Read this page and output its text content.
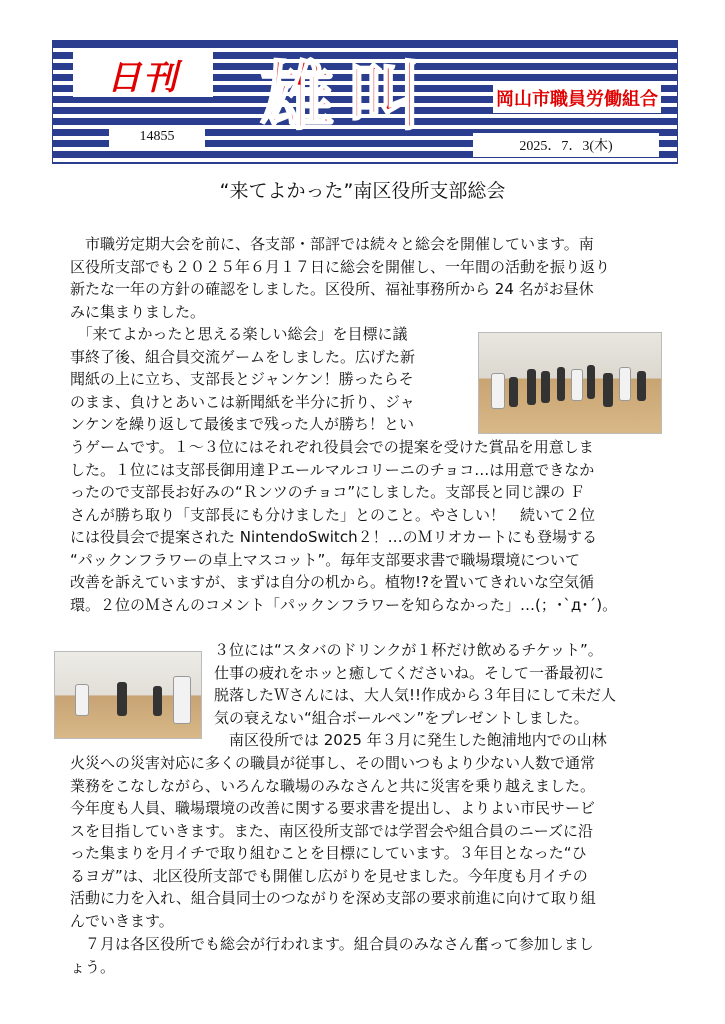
日刊 雄叫	岡山市職員労働組合
14855
2025．7．3(木)
“来てよかった”南区役所支部総会
　市職労定期大会を前に、各支部・部評では続々と総会を開催しています。南
区役所支部でも２０２５年６月１７日に総会を開催し、一年間の活動を振り返り
新たな一年の方針の確認をしました。区役所、福祉事務所から 24 名がお昼休
みに集まりました。
　「来てよかったと思える楽しい総会」を目標に議
事終了後、組合員交流ゲームをしました。広げた新
聞紙の上に立ち、支部長とジャンケン！勝ったらそ
のまま、負けとあいこは新聞紙を半分に折り、ジャ
ンケンを繰り返して最後まで残った人が勝ち！とい
うゲームです。１～３位にはそれぞれ役員会での提案を受けた賞品を用意しま
した。１位には支部長御用達Ｐエールマルコリーニのチョコ…は用意できなか
ったので支部長お好みの“Ｒンツのチョコ”にしました。支部長と同じ課の Ｆ
さんが勝ち取り「支部長にも分けました」とのこと。やさしい！　続いて２位
には役員会で提案された NintendoSwitch２！…のＭリオカートにも登場する
“パックンフラワーの卓上マスコット”。毎年支部要求書で職場環境について
改善を訴えていますが、まずは自分の机から。植物!?を置いてきれいな空気循
環。２位のＭさんのコメント「パックンフラワーを知らなかった」…(；･`д･´)。
３位には“スタバのドリンクが１杯だけ飲めるチケット”。
仕事の疲れをホッと癒してくださいね。そして一番最初に
脱落したＷさんには、大人気!!作成から３年目にして未だ人
気の衰えない“組合ボールペン”をプレゼントしました。
　南区役所では 2025 年３月に発生した飽浦地内での山林
火災への災害対応に多くの職員が従事し、その間いつもより少ない人数で通常
業務をこなしながら、いろんな職場のみなさんと共に災害を乗り越えました。
今年度も人員、職場環境の改善に関する要求書を提出し、よりよい市民サービ
スを目指していきます。また、南区役所支部では学習会や組合員のニーズに沿
った集まりを月イチで取り組むことを目標にしています。３年目となった“ひ
るヨガ”は、北区役所支部でも開催し広がりを見せました。今年度も月イチの
活動に力を入れ、組合員同士のつながりを深め支部の要求前進に向けて取り組
んでいきます。
　７月は各区役所でも総会が行われます。組合員のみなさん奮って参加しまし
ょう。
